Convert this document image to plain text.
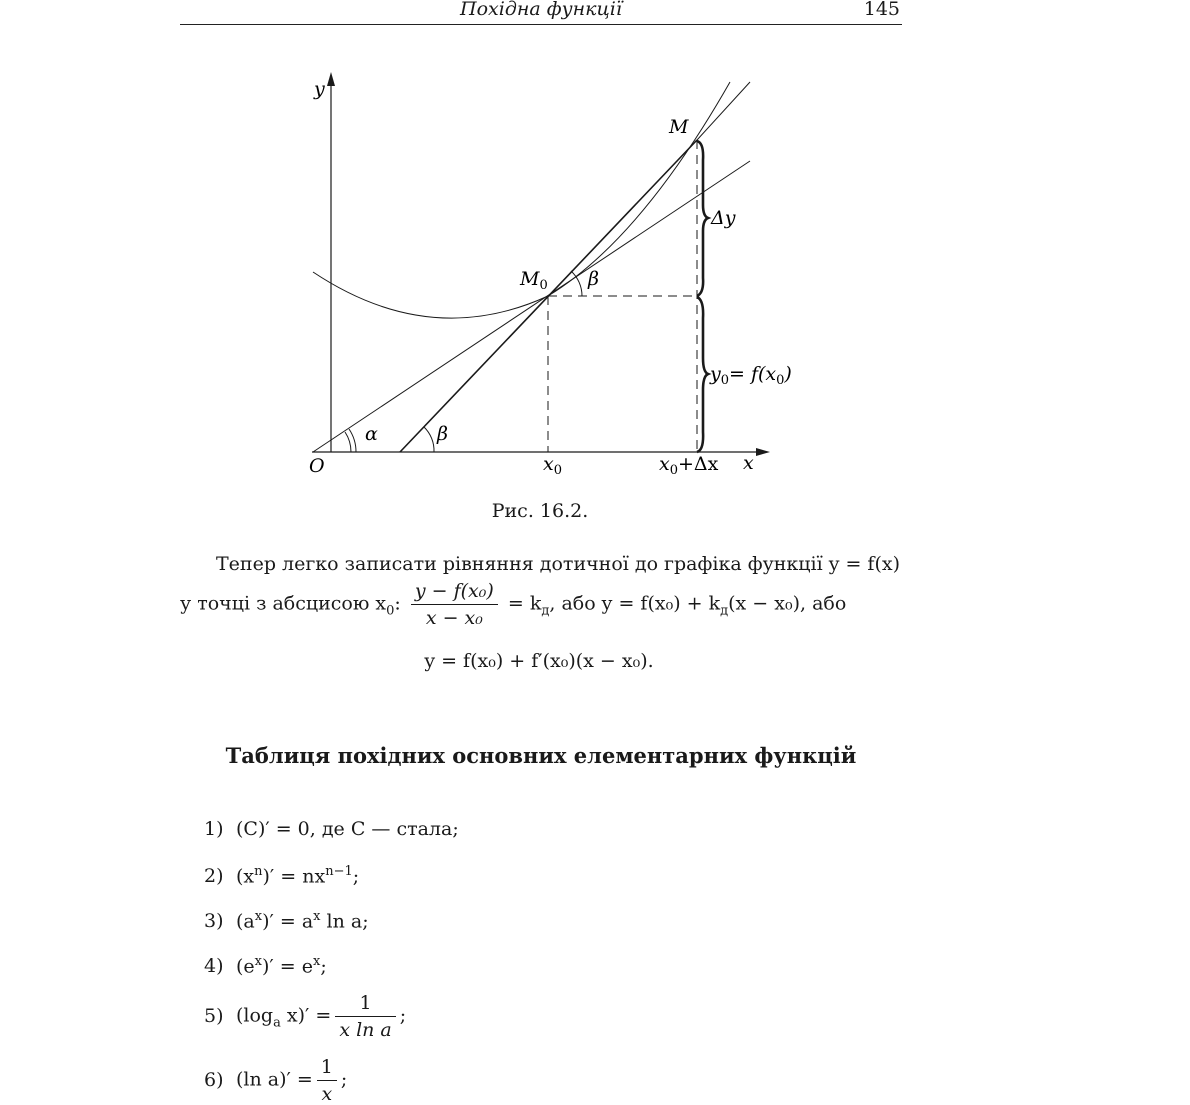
Похідна функції	145
y
x
O
M
$M_0$ β
α	β
$x_0$	$x_0+\Delta x$
Δy
$y_0= f(x_0)$
Рис. 16.2.
Тепер легко записати рівняння дотичної до графіка функції y = f(x)
у точці з абсцисою $x_0$: $\frac{\text{y − f(x₀)}}{\text{x − x₀}} = k_д$, або $y = f(x_0) + k_д(x - x_0)$, або
y = f(x₀) + f′(x₀)(x − x₀).
Таблиця похідних основних елементарних функцій
1) (C)′ = 0, де C — стала;
2) $(x^n)' = nx^{n-1}$;
3) $(a^x)' = a^x$ ln a;
4) $(e^x)' = e^x$;
5) ($\log_a$ $x)' = \frac{1}{\text{x ln a}}$ ;
6) (ln $a)' = \frac{1}{x}$ ;
